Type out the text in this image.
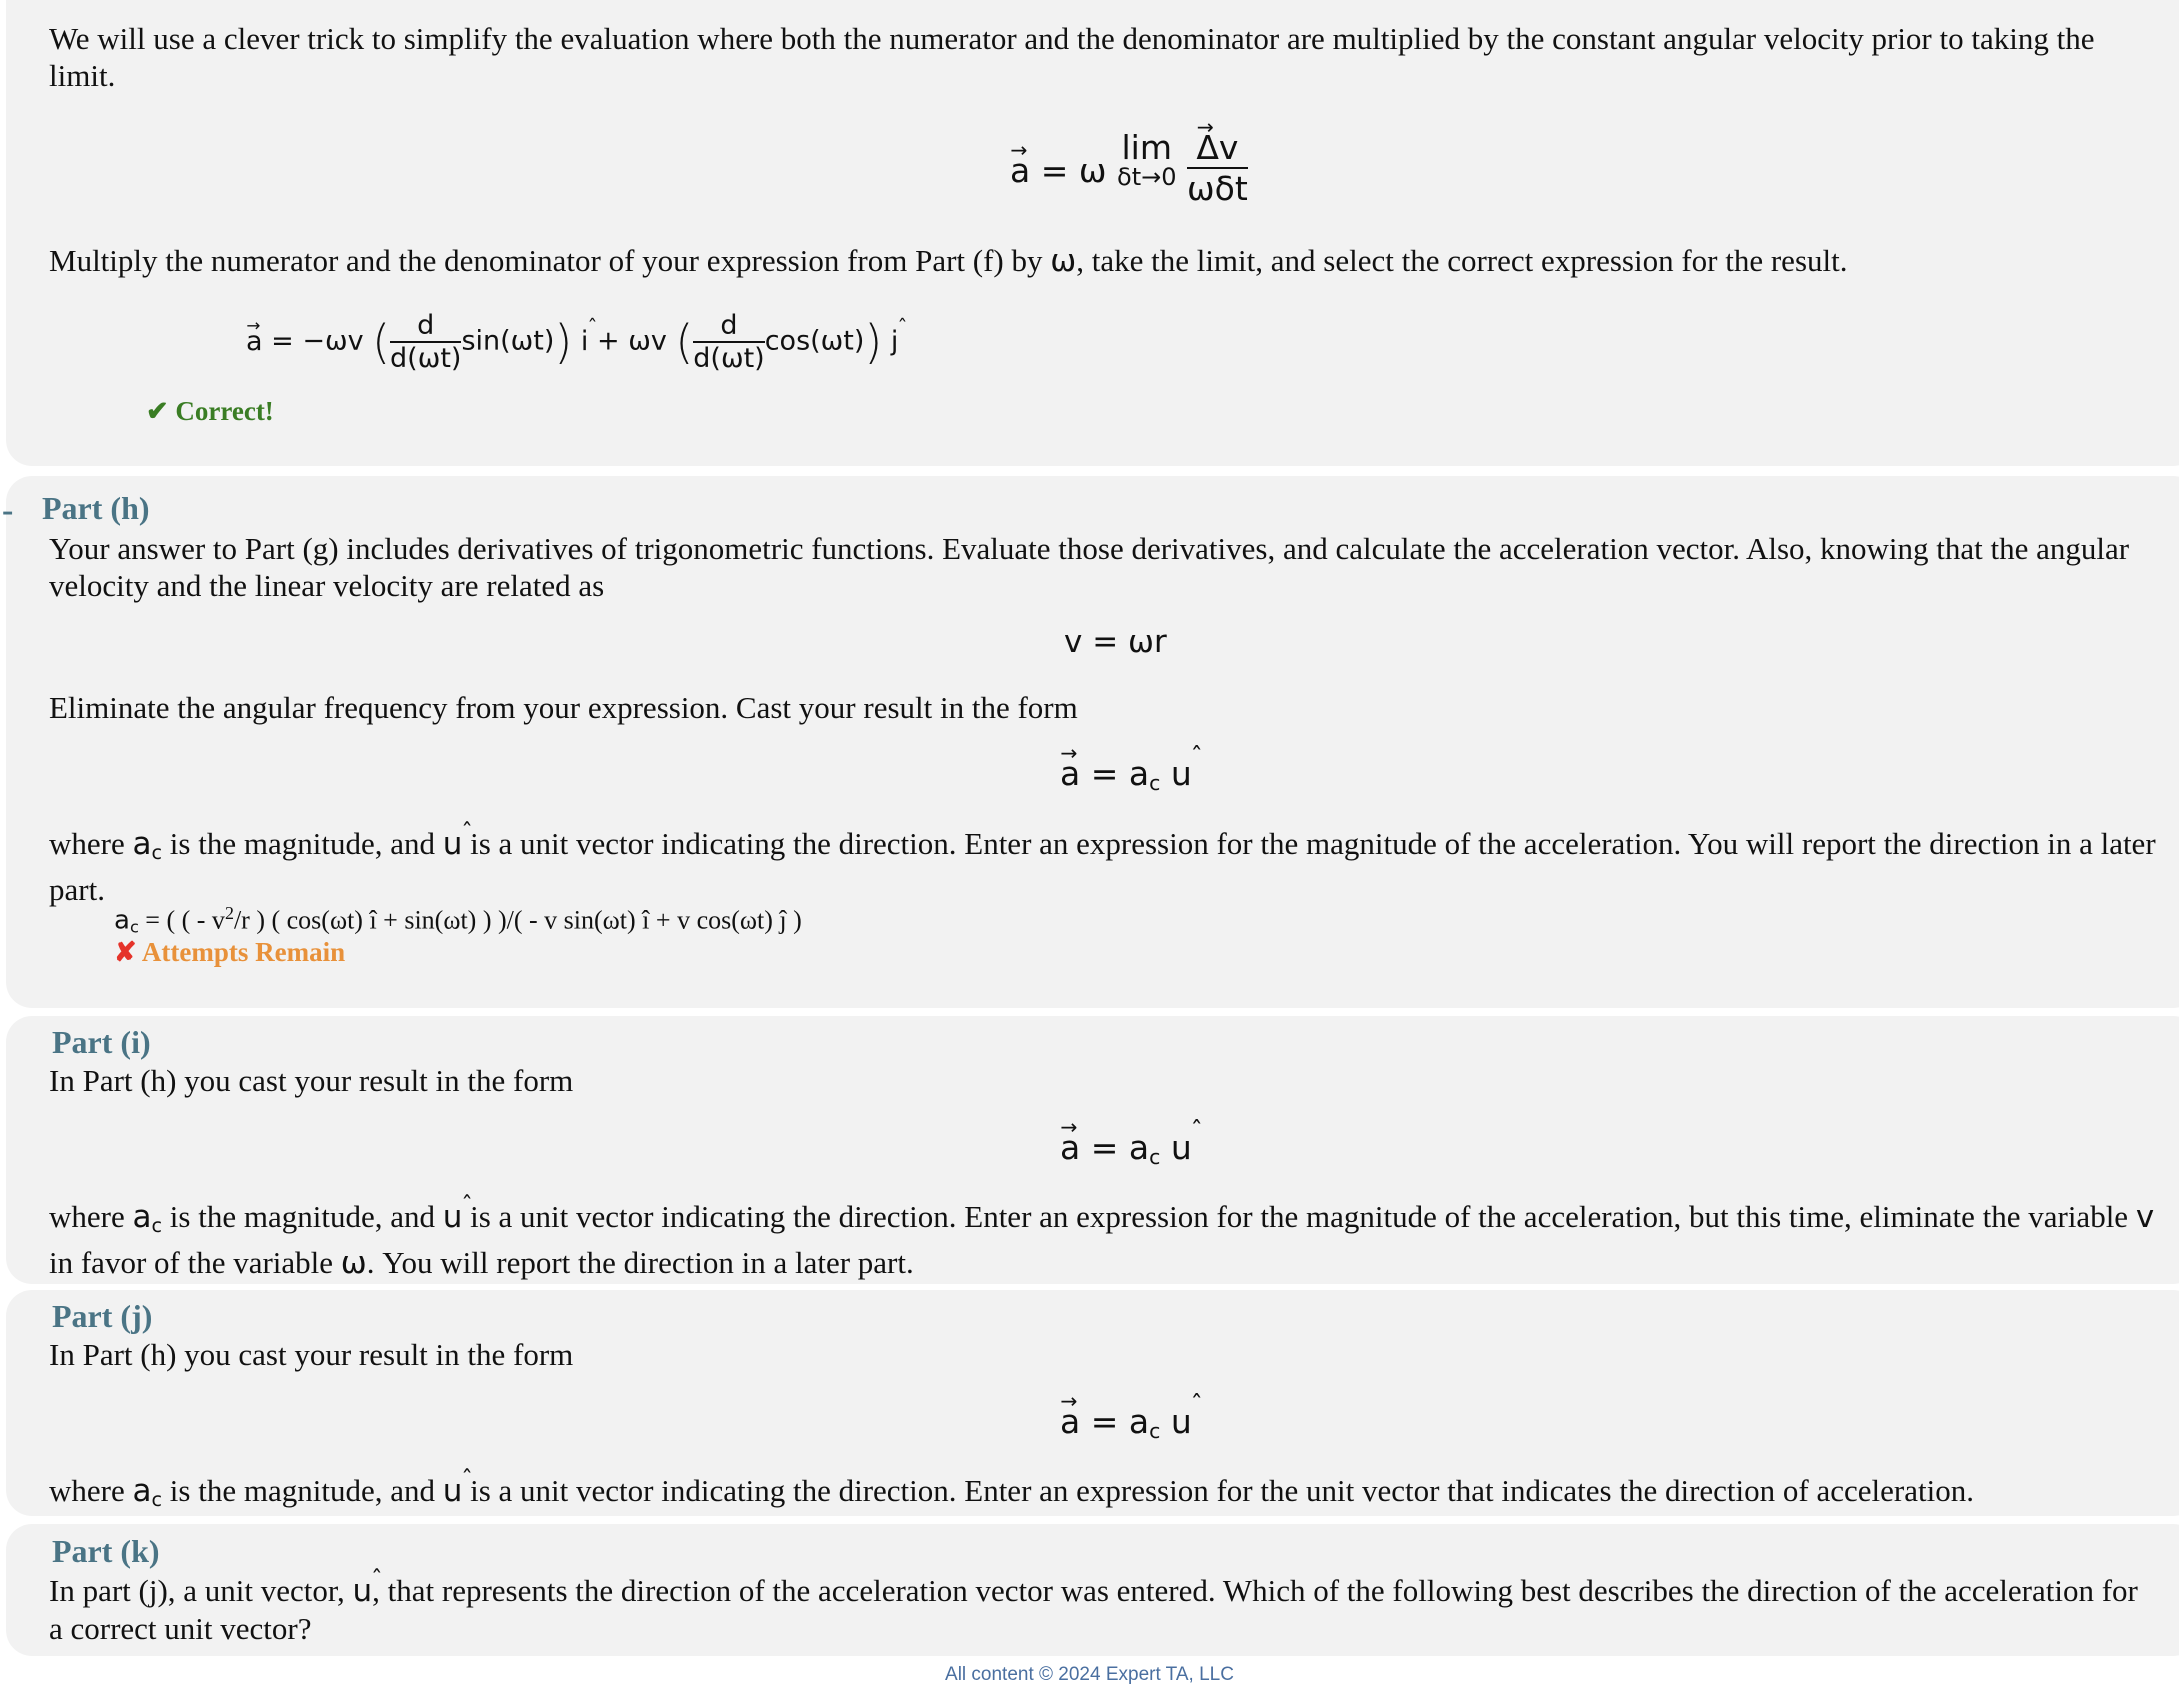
We will use a clever trick to simplify the evaluation where both the numerator and the denominator are multiplied by the constant angular velocity prior to taking the limit.

→ a = ω lim
δt→0

→ $\frac{\Delta v}{\text{ωδt}}$

Multiply the numerator and the denominator of your expression from Part (f) by ω, take the limit, and select the correct expression for the result.

→ a = −ωv ( $\frac{d}{d(\omega t)} \sin(\omega t)$) i ˆ + ωv ( $\frac{d}{d(\omega t)} \cos(\omega t)$) j ˆ
✔ Correct!
- Part (h)

Your answer to Part (g) includes derivatives of trigonometric functions. Evaluate those derivatives, and calculate the acceleration vector. Also, knowing that the angular velocity and the linear velocity are related as

v = ωr

Eliminate the angular frequency from your expression. Cast your result in the form

→ $a = a_c$ u ˆ

where $a_c$ is the magnitude, and u ˆ is a unit vector indicating the direction. Enter an expression for the magnitude of the acceleration. You will report the direction in a later part.

$a_c$ = ( ( - $v^2/r$ ) ( cos(ωt) î + sin(ωt) ) )/( - v sin(ωt) î + v cos(ωt) ĵ )
✘ Attempts Remain
Part (i)

In Part (h) you cast your result in the form

→ $a = a_c$ u ˆ

where $a_c$ is the magnitude, and u ˆ is a unit vector indicating the direction. Enter an expression for the magnitude of the acceleration, but this time, eliminate the variable v in favor of the variable ω. You will report the direction in a later part.

Part (j)

In Part (h) you cast your result in the form

→ $a = a_c$ u ˆ

where $a_c$ is the magnitude, and u ˆ is a unit vector indicating the direction. Enter an expression for the unit vector that indicates the direction of acceleration.

Part (k)

In part (j), a unit vector, u ˆ, that represents the direction of the acceleration vector was entered. Which of the following best describes the direction of the acceleration for a correct unit vector?

All content © 2024 Expert TA, LLC
